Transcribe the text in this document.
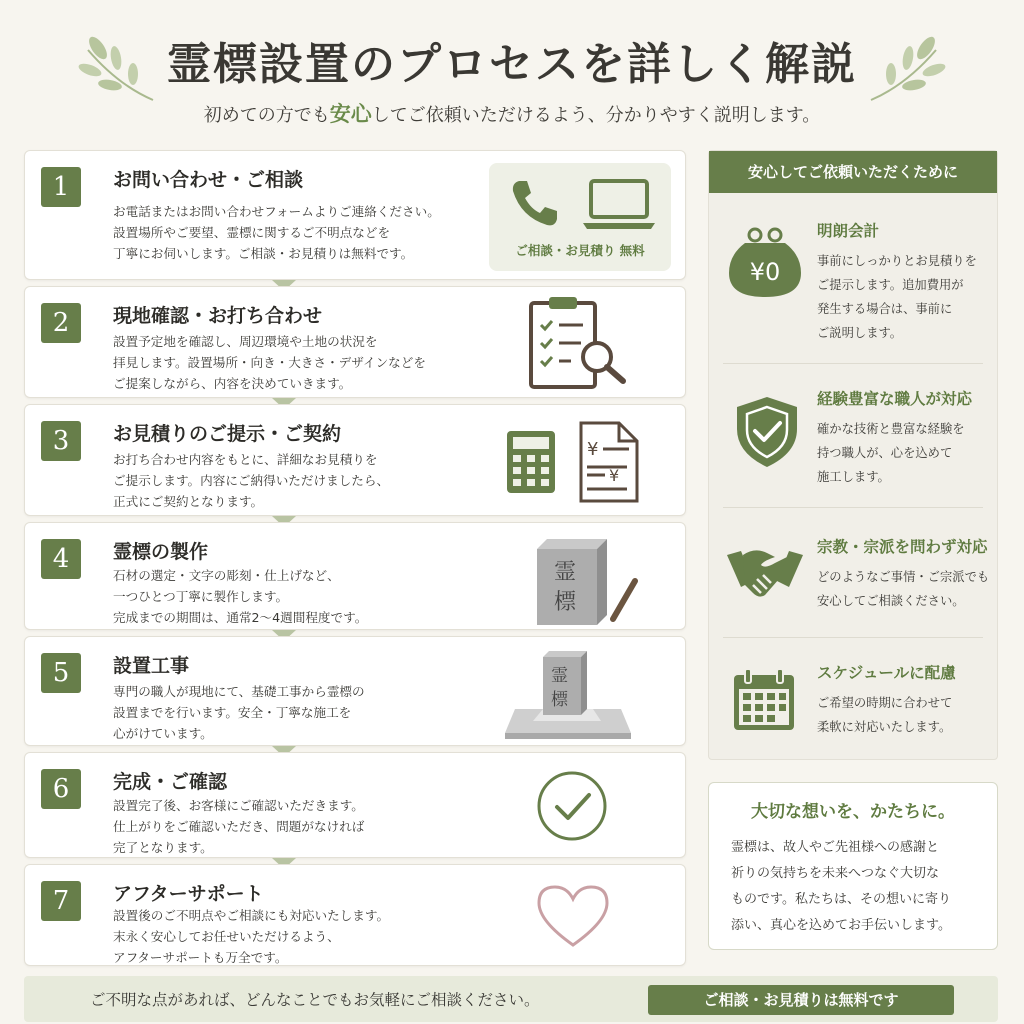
霊標設置のプロセスを詳しく解説
初めての方でも安心してご依頼いただけるよう、分かりやすく説明します。
1	お問い合わせ・ご相談
お電話またはお問い合わせフォームよりご連絡ください。
設置場所やご要望、霊標に関するご不明点などを
丁寧にお伺いします。ご相談・お見積りは無料です。	ご相談・お見積り 無料
2	現地確認・お打ち合わせ
設置予定地を確認し、周辺環境や土地の状況を
拝見します。設置場所・向き・大きさ・デザインなどを
ご提案しながら、内容を決めていきます。
3	お見積りのご提示・ご契約
お打ち合わせ内容をもとに、詳細なお見積りを
ご提示します。内容にご納得いただけましたら、
正式にご契約となります。
¥
¥
4	霊標の製作
石材の選定・文字の彫刻・仕上げなど、
一つひとつ丁寧に製作します。
完成までの期間は、通常2～4週間程度です。
霊
標
5	設置工事
専門の職人が現地にて、基礎工事から霊標の
設置までを行います。安全・丁寧な施工を
心がけています。
霊
標
6	完成・ご確認
設置完了後、お客様にご確認いただきます。
仕上がりをご確認いただき、問題がなければ
完了となります。
7	アフターサポート
設置後のご不明点やご相談にも対応いたします。
末永く安心してお任せいただけるよう、
アフターサポートも万全です。
安心してご依頼いただくために
¥0
明朗会計
事前にしっかりとお見積りを
ご提示します。追加費用が
発生する場合は、事前に
ご説明します。
経験豊富な職人が対応
確かな技術と豊富な経験を
持つ職人が、心を込めて
施工します。
宗教・宗派を問わず対応
どのようなご事情・ご宗派でも
安心してご相談ください。
スケジュールに配慮
ご希望の時期に合わせて
柔軟に対応いたします。
大切な想いを、かたちに。
霊標は、故人やご先祖様への感謝と
祈りの気持ちを未来へつなぐ大切な
ものです。私たちは、その想いに寄り
添い、真心を込めてお手伝いします。
ご不明な点があれば、どんなことでもお気軽にご相談ください。	ご相談・お見積りは無料です
